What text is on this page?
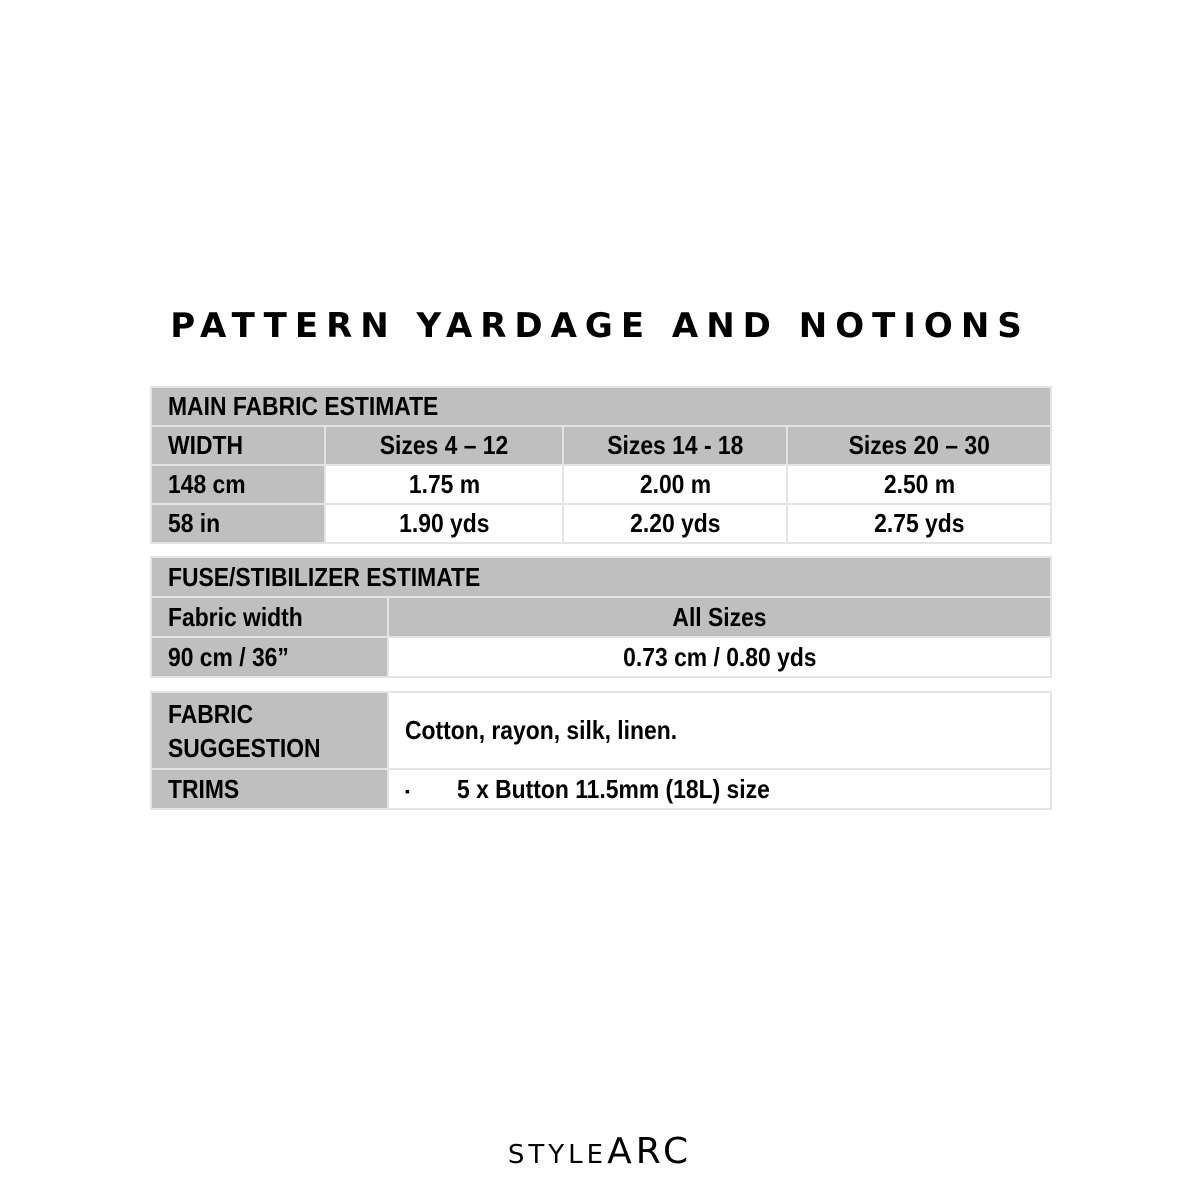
PATTERN YARDAGE AND NOTIONS
MAIN FABRIC ESTIMATE			
WIDTH	Sizes 4 – 12	Sizes 14 - 18	Sizes 20 – 30
148 cm	1.75 m	2.00 m	2.50 m
58 in	1.90 yds	2.20 yds	2.75 yds
FUSE/STIBILIZER ESTIMATE	
Fabric width	All Sizes
90 cm / 36”	0.73 cm / 0.80 yds
FABRIC
SUGGESTION	Cotton, rayon, silk, linen.
TRIMS	▪ 5 x Button 11.5mm (18L) size
STYLEARC
